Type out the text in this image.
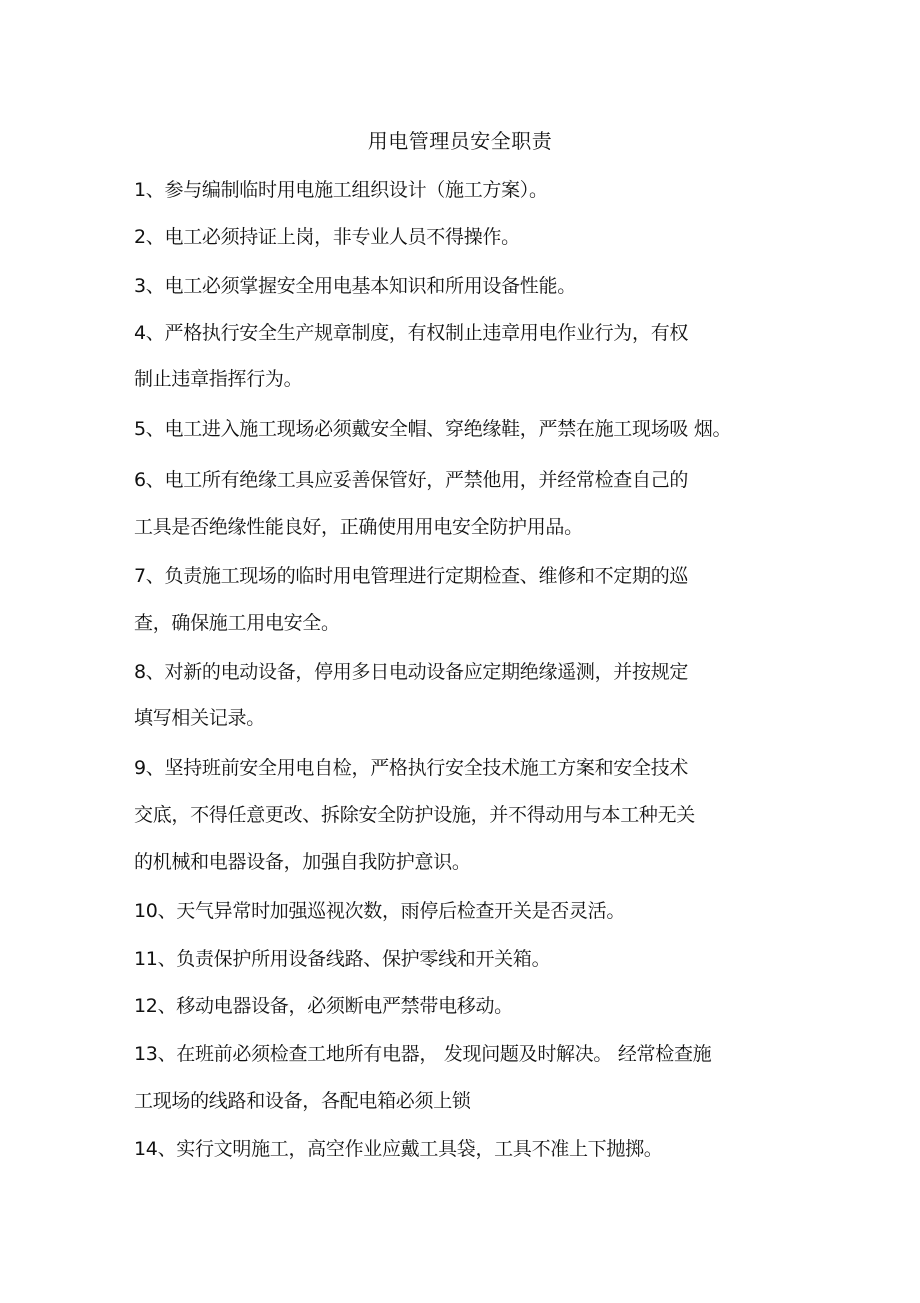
用电管理员安全职责
1、参与编制临时用电施工组织设计（施工方案）。
2、电工必须持证上岗，非专业人员不得操作。
3、电工必须掌握安全用电基本知识和所用设备性能。
4、严格执行安全生产规章制度，有权制止违章用电作业行为，有权
制止违章指挥行为。
5、电工进入施工现场必须戴安全帽、穿绝缘鞋，严禁在施工现场吸 烟。
6、电工所有绝缘工具应妥善保管好，严禁他用，并经常检查自己的
工具是否绝缘性能良好，正确使用用电安全防护用品。
7、负责施工现场的临时用电管理进行定期检查、维修和不定期的巡
查，确保施工用电安全。
8、对新的电动设备，停用多日电动设备应定期绝缘遥测，并按规定
填写相关记录。
9、坚持班前安全用电自检，严格执行安全技术施工方案和安全技术
交底，不得任意更改、拆除安全防护设施，并不得动用与本工种无关
的机械和电器设备，加强自我防护意识。
10、天气异常时加强巡视次数，雨停后检查开关是否灵活。
11、负责保护所用设备线路、保护零线和开关箱。
12、移动电器设备，必须断电严禁带电移动。
13、在班前必须检查工地所有电器， 发现问题及时解决。 经常检查施
工现场的线路和设备，各配电箱必须上锁
14、实行文明施工，高空作业应戴工具袋，工具不准上下抛掷。
